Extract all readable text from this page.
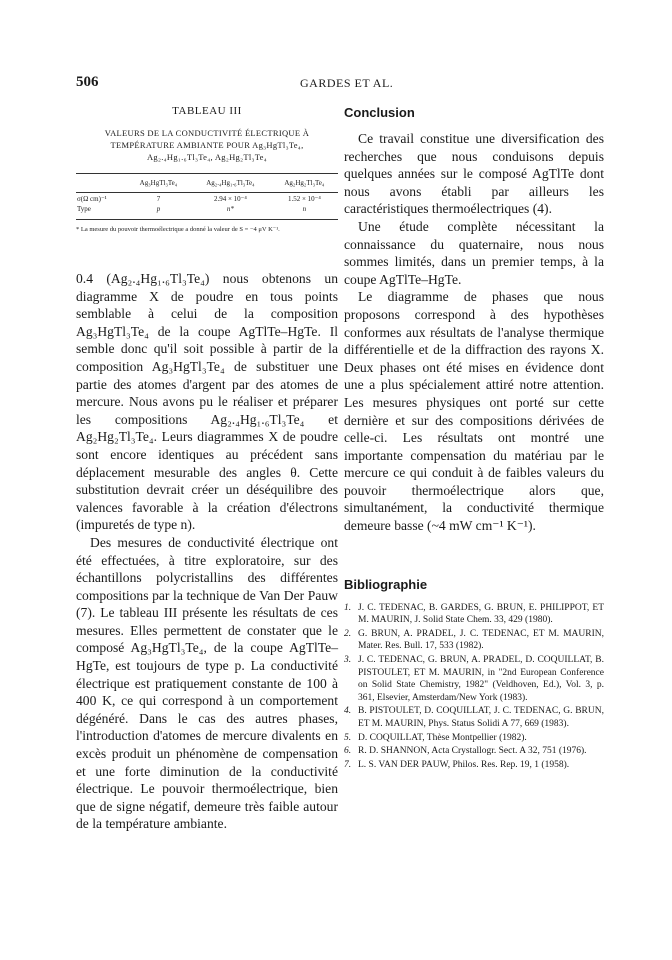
506	GARDES ET AL.
TABLEAU III
VALEURS DE LA CONDUCTIVITÉ ÉLECTRIQUE À TEMPÉRATURE AMBIANTE POUR Ag₃HgTl₃Te₄, Ag₂.₄Hg₁.₆Tl₃Te₄, Ag₂Hg₂Tl₃Te₄
	Ag₃HgTl₃Te₄	Ag₂.₄Hg₁.₆Tl₃Te₄	Ag₂Hg₂Tl₃Te₄
σ(Ω cm)⁻¹	7	2.94 × 10⁻⁴	1.52 × 10⁻⁴
Type	p	n*	n
* La mesure du pouvoir thermoélectrique a donné la valeur de S = −4 μV K⁻¹.

0.4 (Ag₂.₄Hg₁.₆Tl₃Te₄) nous obtenons un diagramme X de poudre en tous points semblable à celui de la composition Ag₃HgTl₃Te₄ de la coupe AgTlTe–HgTe. Il semble donc qu'il soit possible à partir de la composition Ag₃HgTl₃Te₄ de substituer une partie des atomes d'argent par des atomes de mercure. Nous avons pu le réaliser et préparer les compositions Ag₂.₄Hg₁.₆Tl₃Te₄ et Ag₂Hg₂Tl₃Te₄. Leurs diagrammes X de poudre sont encore identiques au précédent sans déplacement mesurable des angles θ. Cette substitution devrait créer un déséquilibre des valences favorable à la création d'électrons (impuretés de type n).

Des mesures de conductivité électrique ont été effectuées, à titre exploratoire, sur des échantillons polycristallins des différentes compositions par la technique de Van Der Pauw (7). Le tableau III présente les résultats de ces mesures. Elles permettent de constater que le composé Ag₃HgTl₃Te₄, de la coupe AgTlTe–HgTe, est toujours de type p. La conductivité électrique est pratiquement constante de 100 à 400 K, ce qui correspond à un comportement dégénéré. Dans le cas des autres phases, l'introduction d'atomes de mercure divalents en excès produit un phénomène de compensation et une forte diminution de la conductivité électrique. Le pouvoir thermoélectrique, bien que de signe négatif, demeure très faible autour de la température ambiante.

Conclusion

Ce travail constitue une diversification des recherches que nous conduisons depuis quelques années sur le composé AgTlTe dont nous avons établi par ailleurs les caractéristiques thermoélectriques (4).

Une étude complète nécessitant la connaissance du quaternaire, nous nous sommes limités, dans un premier temps, à la coupe AgTlTe–HgTe.

Le diagramme de phases que nous proposons correspond à des hypothèses conformes aux résultats de l'analyse thermique différentielle et de la diffraction des rayons X. Deux phases ont été mises en évidence dont une a plus spécialement attiré notre attention. Les mesures physiques ont porté sur cette dernière et sur des compositions dérivées de celle-ci. Les résultats ont montré une importante compensation du matériau par le mercure ce qui conduit à de faibles valeurs du pouvoir thermoélectrique alors que, simultanément, la conductivité thermique demeure basse (~4 mW cm⁻¹ K⁻¹).

Bibliographie
1. J. C. TEDENAC, B. GARDES, G. BRUN, E. PHILIPPOT, ET M. MAURIN, J. Solid State Chem. 33, 429 (1980).
2. G. BRUN, A. PRADEL, J. C. TEDENAC, ET M. MAURIN, Mater. Res. Bull. 17, 533 (1982).
3. J. C. TEDENAC, G. BRUN, A. PRADEL, D. COQUILLAT, B. PISTOULET, ET M. MAURIN, in "2nd European Conference on Solid State Chemistry, 1982" (Veldhoven, Ed.), Vol. 3, p. 361, Elsevier, Amsterdam/New York (1983).
4. B. PISTOULET, D. COQUILLAT, J. C. TEDENAC, G. BRUN, ET M. MAURIN, Phys. Status Solidi A 77, 669 (1983).
5. D. COQUILLAT, Thèse Montpellier (1982).
6. R. D. SHANNON, Acta Crystallogr. Sect. A 32, 751 (1976).
7. L. S. VAN DER PAUW, Philos. Res. Rep. 19, 1 (1958).
